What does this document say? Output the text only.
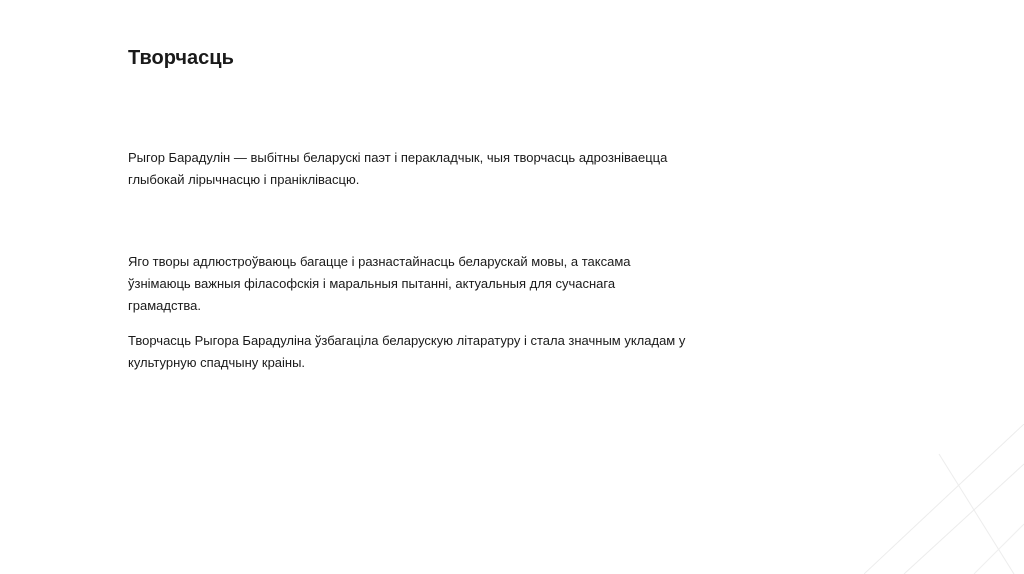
Творчасць

Рыгор Барадулін — выбітны беларускі паэт і перакладчык, чыя творчасць адрозніваецца глыбокай лірычнасцю і пранікліваcцю.

Яго творы адлюстроўваюць багацце і разнастайнасць беларускай мовы, а таксама ўзнімаюць важныя філасофскія і маральныя пытанні, актуальныя для сучаснага грамадства.

Творчасць Рыгора Барадуліна ўзбагаціла беларускую літаратуру і стала значным укладам у культурную спадчыну краіны.
